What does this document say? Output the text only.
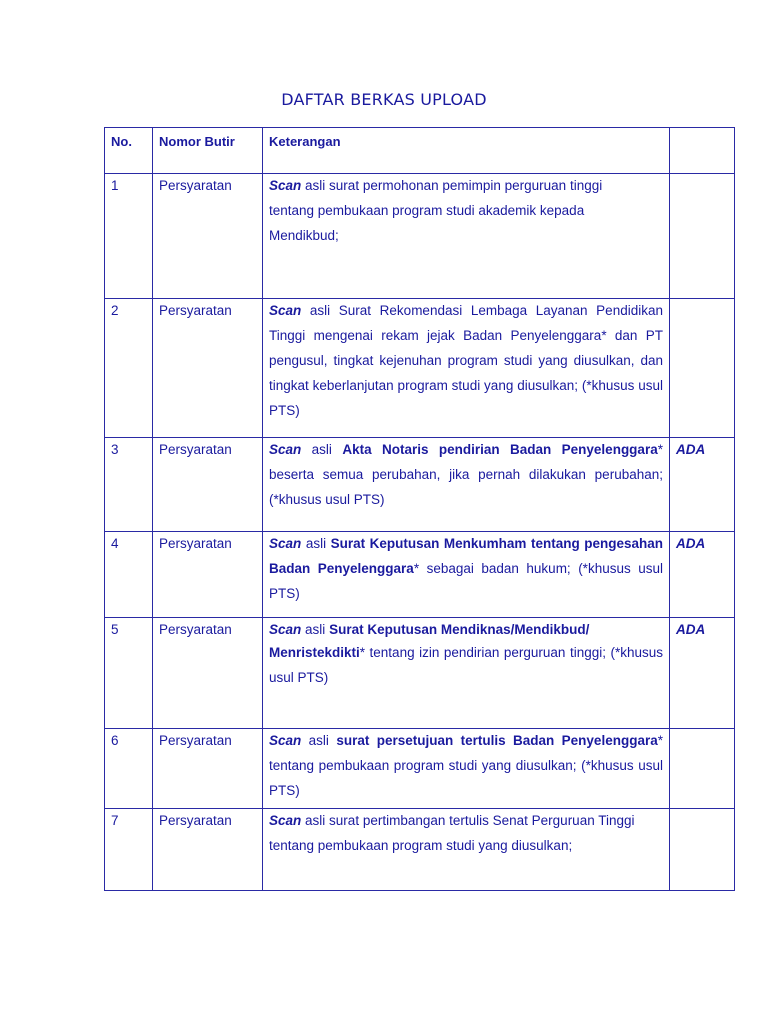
DAFTAR BERKAS UPLOAD
No.	Nomor Butir	Keterangan	
1	Persyaratan	Scan asli surat permohonan pemimpin perguruan tinggi

tentang pembukaan program studi akademik kepada

Mendikbud;	

2	Persyaratan	Scan asli Surat Rekomendasi Lembaga Layanan Pendidikan Tinggi mengenai rekam jejak Badan Penyelenggara* dan PT pengusul, tingkat kejenuhan program studi yang diusulkan, dan tingkat keberlanjutan program studi yang diusulkan; (*khusus usul PTS)	

3	Persyaratan	Scan asli Akta Notaris pendirian Badan Penyelenggara* beserta semua perubahan, jika pernah dilakukan perubahan; (*khusus usul PTS)	ADA
4	Persyaratan	Scan asli Surat Keputusan Menkumham tentang pengesahan Badan Penyelenggara* sebagai badan hukum; (*khusus usul PTS)	ADA
5	Persyaratan	Scan asli Surat Keputusan Mendiknas/Mendikbud/

Menristekdikti* tentang izin pendirian perguruan tinggi; (*khusus usul PTS)	ADA
6	Persyaratan	Scan asli surat persetujuan tertulis Badan Penyelenggara* tentang pembukaan program studi yang diusulkan; (*khusus usul PTS)	

7	Persyaratan	Scan asli surat pertimbangan tertulis Senat Perguruan Tinggi

tentang pembukaan program studi yang diusulkan;	
